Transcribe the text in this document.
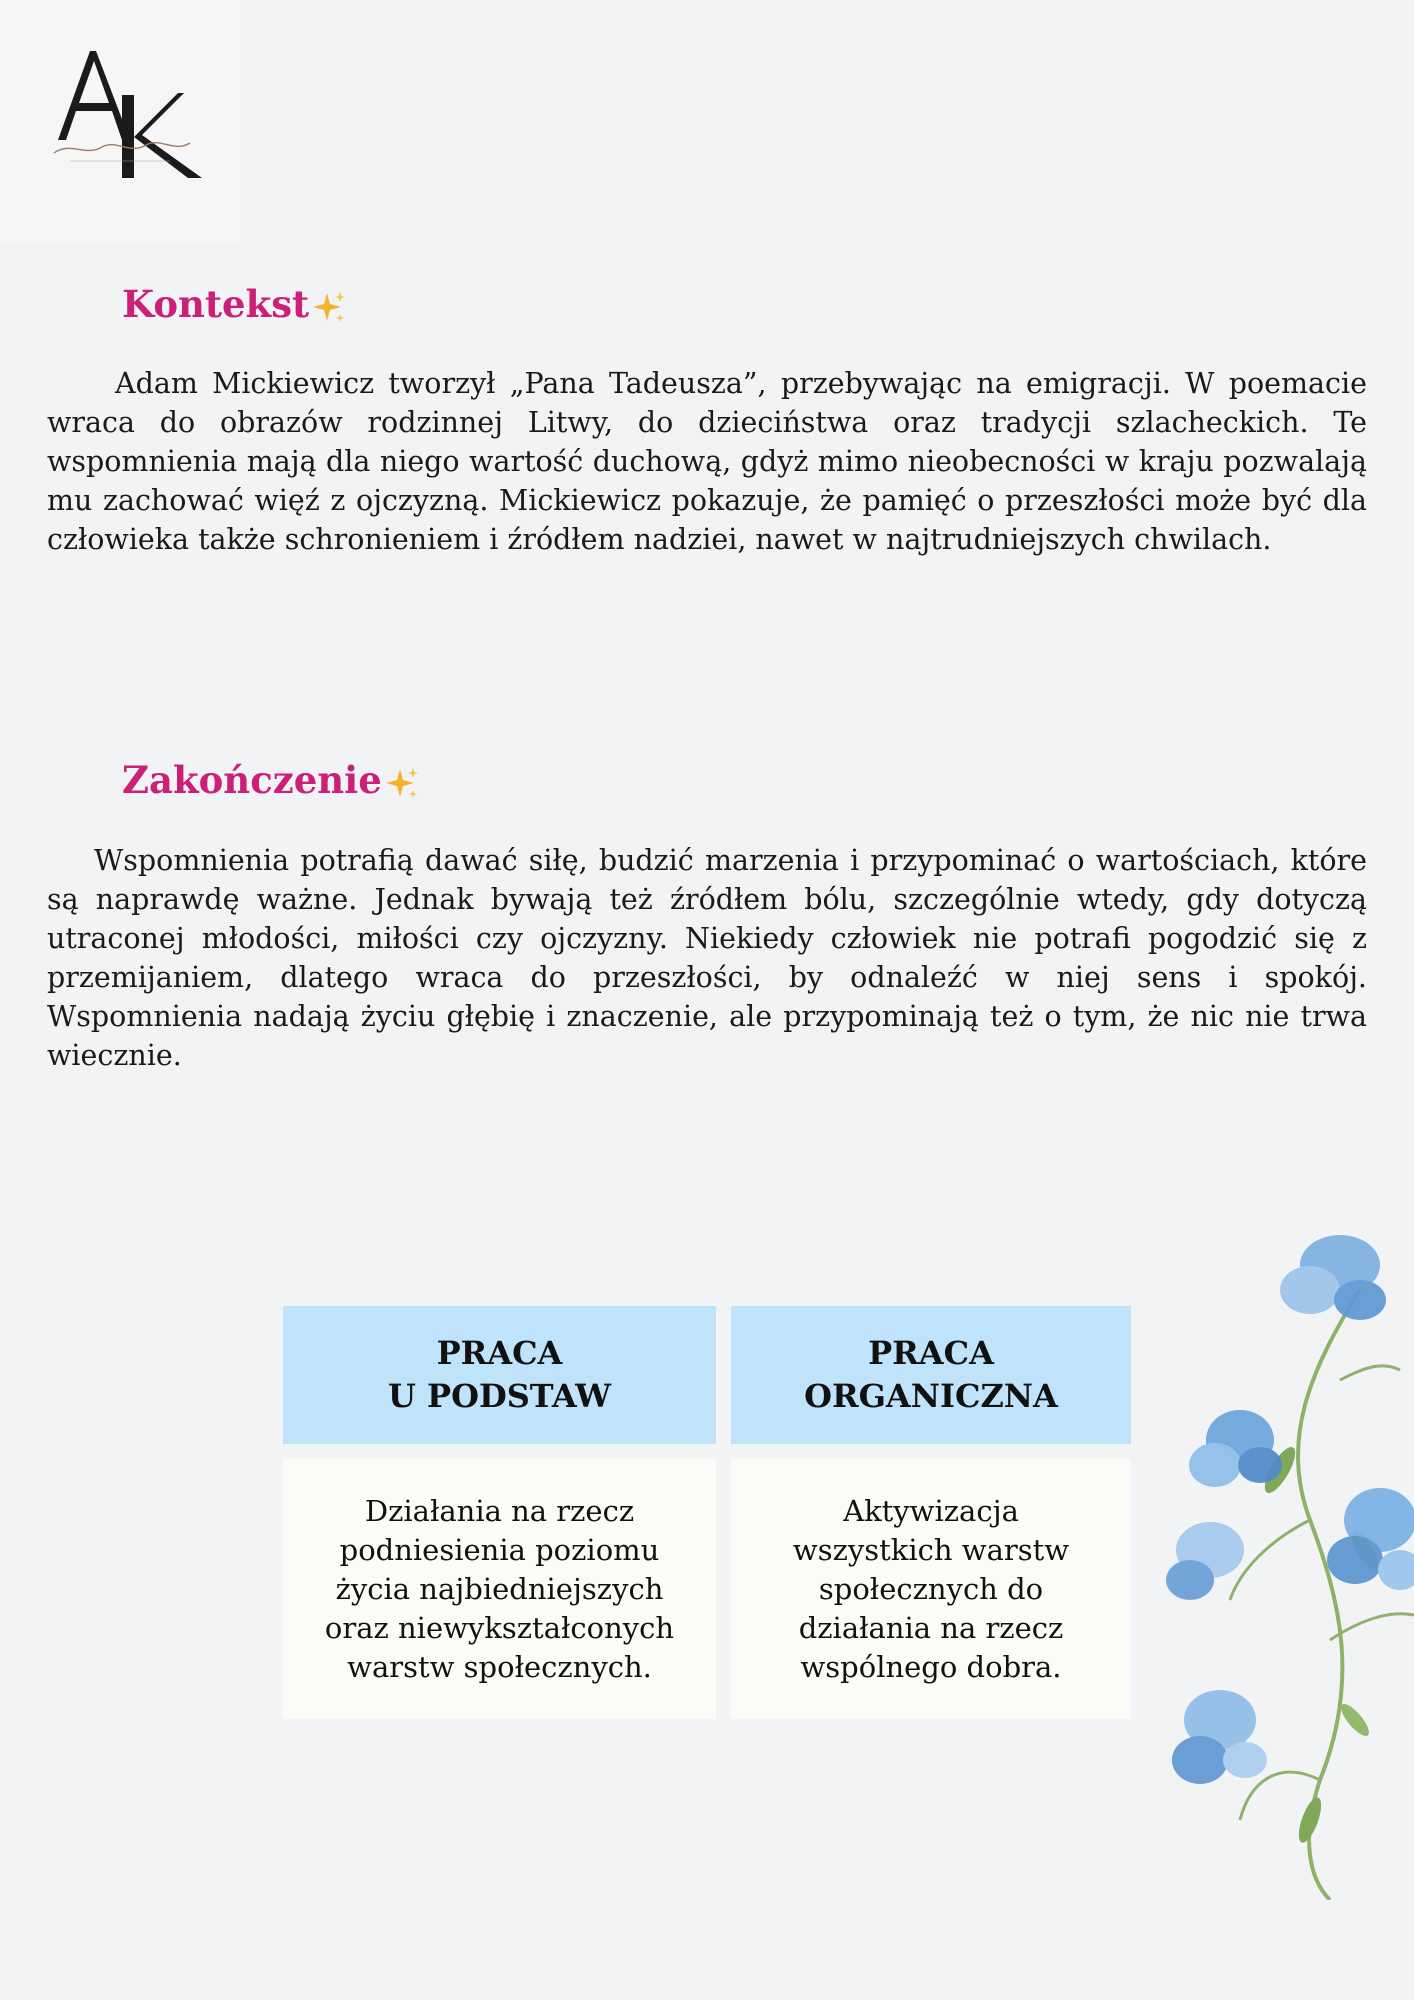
Kontekst

Adam Mickiewicz tworzył „Pana Tadeusza”, przebywając na emigracji. W poemacie wraca do obrazów rodzinnej Litwy, do dzieciństwa oraz tradycji szlacheckich. Te wspomnienia mają dla niego wartość duchową, gdyż mimo nieobecności w kraju pozwalają mu zachować więź z ojczyzną. Mickiewicz pokazuje, że pamięć o przeszłości może być dla człowieka także schronieniem i źródłem nadziei, nawet w najtrudniejszych chwilach.

Zakończenie

Wspomnienia potrafią dawać siłę, budzić marzenia i przypominać o wartościach, które są naprawdę ważne. Jednak bywają też źródłem bólu, szczególnie wtedy, gdy dotyczą utraconej młodości, miłości czy ojczyzny. Niekiedy człowiek nie potrafi pogodzić się z przemijaniem, dlatego wraca do przeszłości, by odnaleźć w niej sens i spokój. Wspomnienia nadają życiu głębię i znaczenie, ale przypominają też o tym, że nic nie trwa wiecznie.

PRACA
U PODSTAW
PRACA
ORGANICZNA
Działania na rzecz podniesienia poziomu życia najbiedniejszych oraz niewykształconych warstw społecznych.
Aktywizacja wszystkich warstw społecznych do działania na rzecz wspólnego dobra.
